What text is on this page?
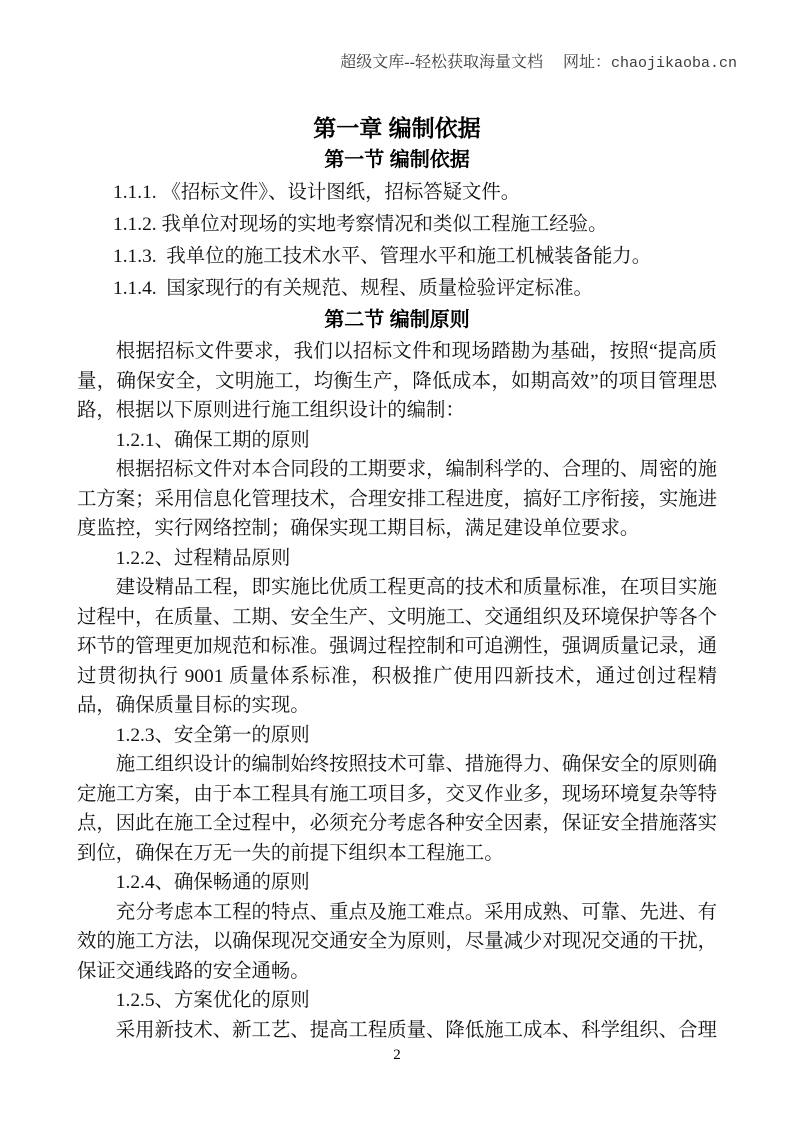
超级文库--轻松获取海量文档 网址：chaojikaoba.cn
第一章 编制依据
第一节 编制依据
1.1.1. 《招标文件》、设计图纸，招标答疑文件。
1.1.2. 我单位对现场的实地考察情况和类似工程施工经验。
1.1.3.  我单位的施工技术水平、管理水平和施工机械装备能力。
1.1.4.  国家现行的有关规范、规程、质量检验评定标准。
第二节 编制原则

根据招标文件要求，我们以招标文件和现场踏勘为基础，按照“提高质量，确保安全，文明施工，均衡生产，降低成本，如期高效”的项目管理思路，根据以下原则进行施工组织设计的编制：

1.2.1、确保工期的原则

根据招标文件对本合同段的工期要求，编制科学的、合理的、周密的施工方案；采用信息化管理技术，合理安排工程进度，搞好工序衔接，实施进度监控，实行网络控制；确保实现工期目标，满足建设单位要求。

1.2.2、过程精品原则

建设精品工程，即实施比优质工程更高的技术和质量标准，在项目实施过程中，在质量、工期、安全生产、文明施工、交通组织及环境保护等各个环节的管理更加规范和标准。强调过程控制和可追溯性，强调质量记录，通过贯彻执行 9001 质量体系标准，积极推广使用四新技术，通过创过程精品，确保质量目标的实现。

1.2.3、安全第一的原则

施工组织设计的编制始终按照技术可靠、措施得力、确保安全的原则确定施工方案，由于本工程具有施工项目多，交叉作业多，现场环境复杂等特点，因此在施工全过程中，必须充分考虑各种安全因素，保证安全措施落实到位，确保在万无一失的前提下组织本工程施工。

1.2.4、确保畅通的原则

充分考虑本工程的特点、重点及施工难点。采用成熟、可靠、先进、有效的施工方法，以确保现况交通安全为原则，尽量减少对现况交通的干扰，保证交通线路的安全通畅。

1.2.5、方案优化的原则

采用新技术、新工艺、提高工程质量、降低施工成本、科学组织、合理

2
